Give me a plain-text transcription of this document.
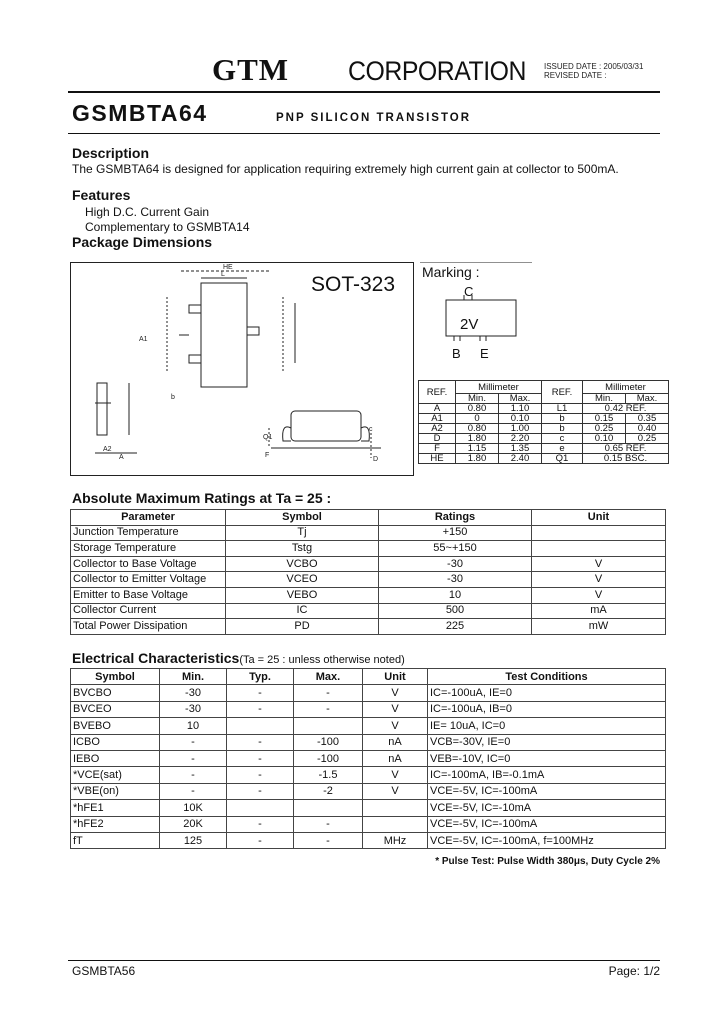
GTM CORPORATION ISSUED DATE : 2005/03/31
REVISED DATE :
GSMBTA64	PNP SILICON TRANSISTOR
Description
The GSMBTA64 is designed for application requiring extremely high current gain at collector to 500mA.
Features
High D.C. Current Gain
Complementary to GSMBTA14
Package Dimensions
SOT-323
HE
L
A1
A2
A
b
F
Q1
c
D
Marking :
C
2V
B E
REF.	Millimeter		REF.	Millimeter	
	Min.	Max.		Min.	Max.
A	0.80	1.10	L1	0.42 REF.	
A1	0	0.10	b	0.15	0.35
A2	0.80	1.00	b	0.25	0.40
D	1.80	2.20	c	0.10	0.25
F	1.15	1.35	e	0.65 REF.	
HE	1.80	2.40	Q1	0.15 BSC.	
Absolute Maximum Ratings at Ta = 25 :
Parameter	Symbol	Ratings	Unit
Junction Temperature	Tj	+150	
Storage Temperature	Tstg	55~+150	
Collector to Base Voltage	VCBO	-30	V
Collector to Emitter Voltage	VCEO	-30	V
Emitter to Base Voltage	VEBO	10	V
Collector Current	IC	500	mA
Total Power Dissipation	PD	225	mW
Electrical Characteristics(Ta = 25 : unless otherwise noted)
Symbol	Min.	Typ.	Max.	Unit	Test Conditions
BVCBO	-30	-	-	V	IC=-100uA, IE=0
BVCEO	-30	-	-	V	IC=-100uA, IB=0
BVEBO	10			V	IE= 10uA, IC=0
ICBO	-	-	-100	nA	VCB=-30V, IE=0
IEBO	-	-	-100	nA	VEB=-10V, IC=0
*VCE(sat)	-	-	-1.5	V	IC=-100mA, IB=-0.1mA
*VBE(on)	-	-	-2	V	VCE=-5V, IC=-100mA
*hFE1	10K				VCE=-5V, IC=-10mA
*hFE2	20K	-	-		VCE=-5V, IC=-100mA
fT	125	-	-	MHz	VCE=-5V, IC=-100mA, f=100MHz
* Pulse Test: Pulse Width 380μs, Duty Cycle 2%
GSMBTA56	Page: 1/2
